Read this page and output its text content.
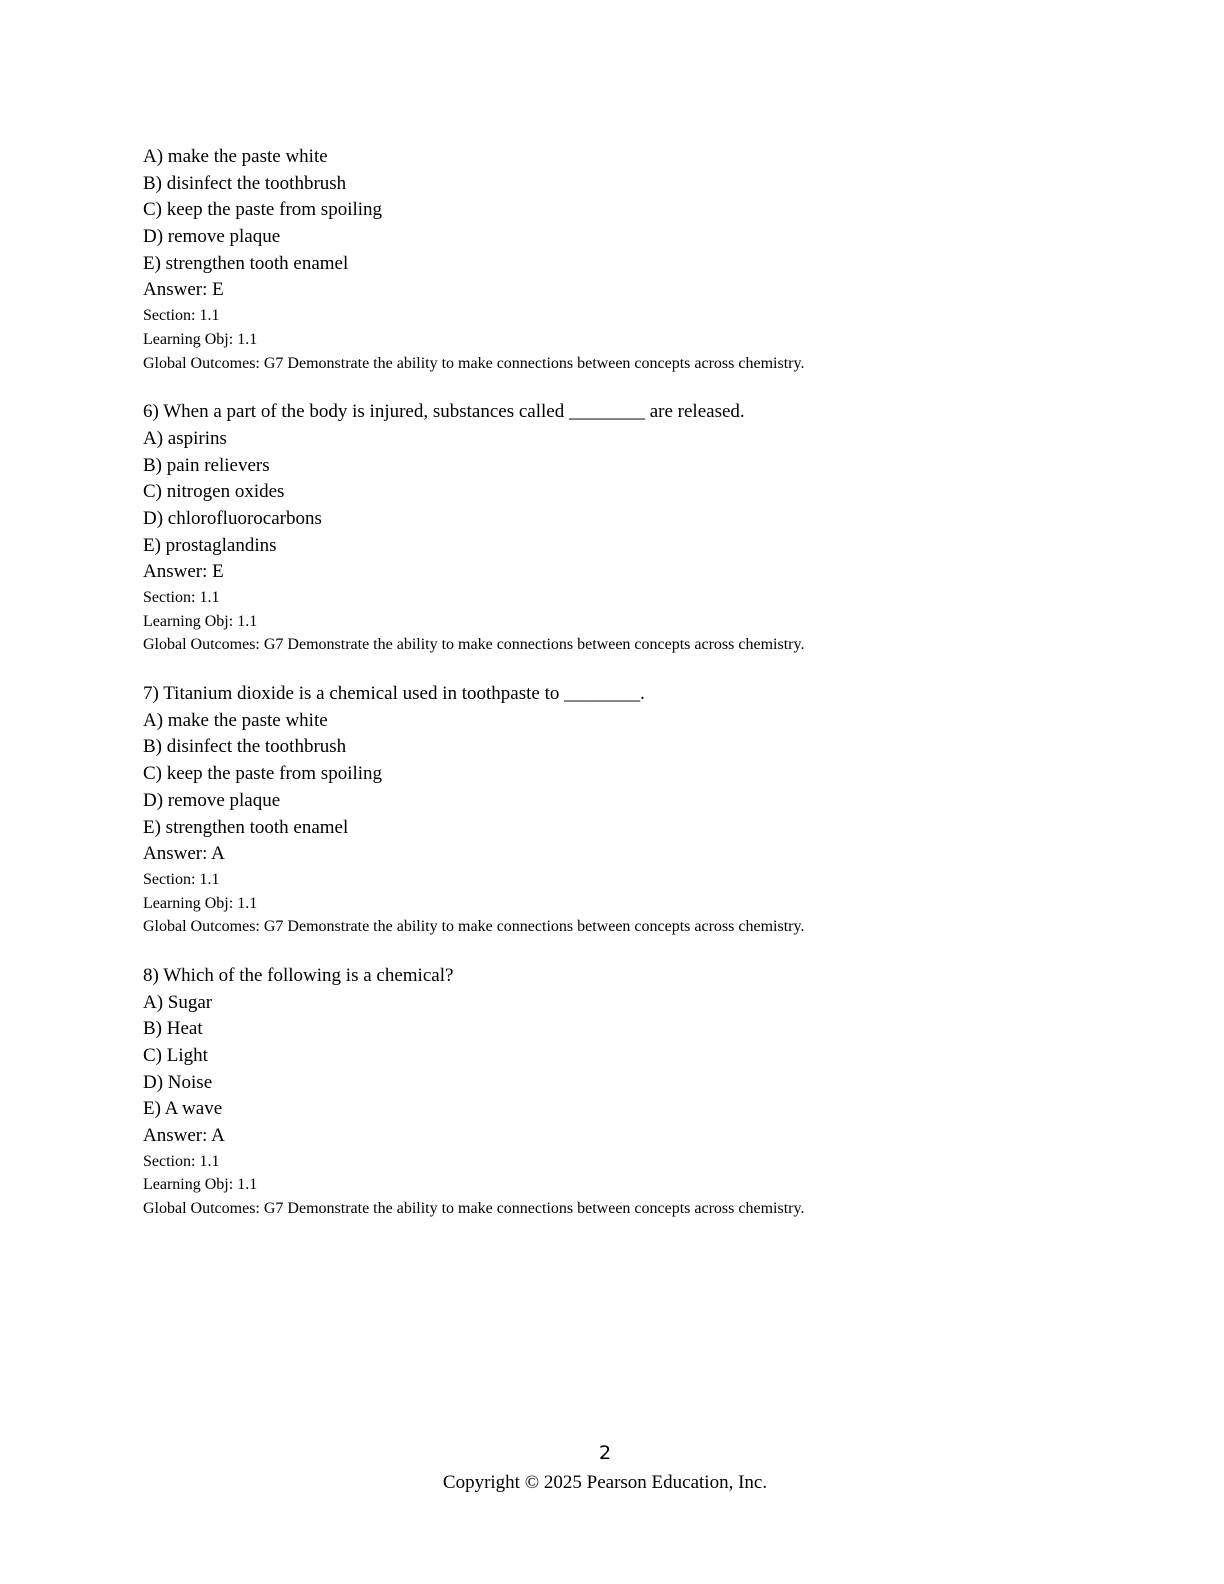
A) make the paste white
B) disinfect the toothbrush
C) keep the paste from spoiling
D) remove plaque
E) strengthen tooth enamel
Answer: E
Section: 1.1
Learning Obj: 1.1
Global Outcomes: G7 Demonstrate the ability to make connections between concepts across chemistry.
6) When a part of the body is injured, substances called ________ are released.
A) aspirins
B) pain relievers
C) nitrogen oxides
D) chlorofluorocarbons
E) prostaglandins
Answer: E
Section: 1.1
Learning Obj: 1.1
Global Outcomes: G7 Demonstrate the ability to make connections between concepts across chemistry.
7) Titanium dioxide is a chemical used in toothpaste to ________.
A) make the paste white
B) disinfect the toothbrush
C) keep the paste from spoiling
D) remove plaque
E) strengthen tooth enamel
Answer: A
Section: 1.1
Learning Obj: 1.1
Global Outcomes: G7 Demonstrate the ability to make connections between concepts across chemistry.
8) Which of the following is a chemical?
A) Sugar
B) Heat
C) Light
D) Noise
E) A wave
Answer: A
Section: 1.1
Learning Obj: 1.1
Global Outcomes: G7 Demonstrate the ability to make connections between concepts across chemistry.
2
Copyright © 2025 Pearson Education, Inc.
